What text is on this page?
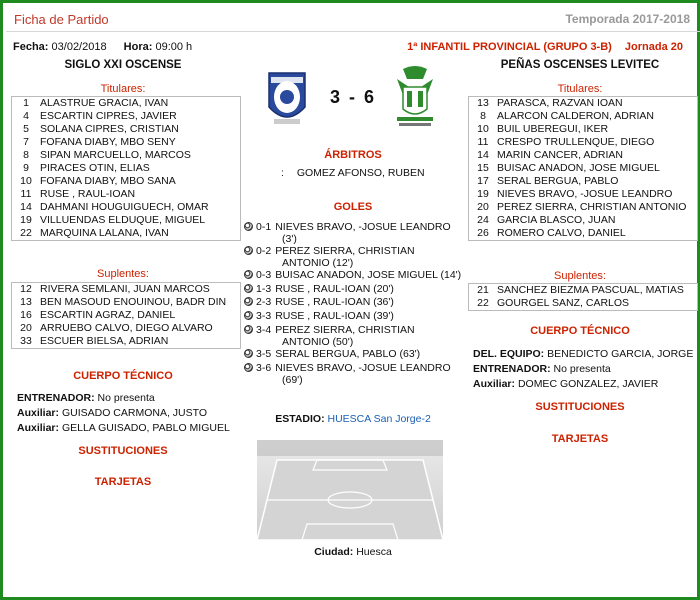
Ficha de Partido	Temporada 2017-2018
Fecha: 03/02/2018 Hora: 09:00 h	1ª INFANTIL PROVINCIAL (GRUPO 3-B) Jornada 20
SIGLO XXI OSCENSE	PEÑAS OSCENSES LEVITEC
3 - 6
Titulares:
1 ALASTRUE GRACIA, IVAN
4 ESCARTIN CIPRES, JAVIER
5 SOLANA CIPRES, CRISTIAN
7 FOFANA DIABY, MBO SENY
8 SIPAN MARCUELLO, MARCOS
9 PIRACES OTIN, ELIAS
10 FOFANA DIABY, MBO SANA
11 RUSE , RAUL-IOAN
14 DAHMANI HOUGUIGUECH, OMAR
19 VILLUENDAS ELDUQUE, MIGUEL
22 MARQUINA LALANA, IVAN
Suplentes:
12 RIVERA SEMLANI, JUAN MARCOS
13 BEN MASOUD ENOUINOU, BADR DIN
16 ESCARTIN AGRAZ, DANIEL
20 ARRUEBO CALVO, DIEGO ALVARO
33 ESCUER BIELSA, ADRIAN
CUERPO TÉCNICO
ENTRENADOR: No presenta
Auxiliar: GUISADO CARMONA, JUSTO
Auxiliar: GELLA GUISADO, PABLO MIGUEL
SUSTITUCIONES
TARJETAS
Titulares:
13 PARASCA, RAZVAN IOAN
8 ALARCON CALDERON, ADRIAN
10 BUIL UBEREGUI, IKER
11 CRESPO TRULLENQUE, DIEGO
14 MARIN CANCER, ADRIAN
15 BUISAC ANADON, JOSE MIGUEL
17 SERAL BERGUA, PABLO
19 NIEVES BRAVO, -JOSUE LEANDRO
20 PEREZ SIERRA, CHRISTIAN ANTONIO
24 GARCIA BLASCO, JUAN
26 ROMERO CALVO, DANIEL
Suplentes:
21 SANCHEZ BIEZMA PASCUAL, MATIAS
22 GOURGEL SANZ, CARLOS
CUERPO TÉCNICO
DEL. EQUIPO: BENEDICTO GARCIA, JORGE
ENTRENADOR: No presenta
Auxiliar: DOMEC GONZALEZ, JAVIER
SUSTITUCIONES
TARJETAS
ÁRBITROS
: GOMEZ AFONSO, RUBEN
GOLES
0-1 NIEVES BRAVO, -JOSUE LEANDRO
(3')
0-2 PEREZ SIERRA, CHRISTIAN
ANTONIO (12')
0-3 BUISAC ANADON, JOSE MIGUEL (14')
1-3 RUSE , RAUL-IOAN (20')
2-3 RUSE , RAUL-IOAN (36')
3-3 RUSE , RAUL-IOAN (39')
3-4 PEREZ SIERRA, CHRISTIAN
ANTONIO (50')
3-5 SERAL BERGUA, PABLO (63')
3-6 NIEVES BRAVO, -JOSUE LEANDRO
(69')
ESTADIO: HUESCA San Jorge-2
Ciudad: Huesca
